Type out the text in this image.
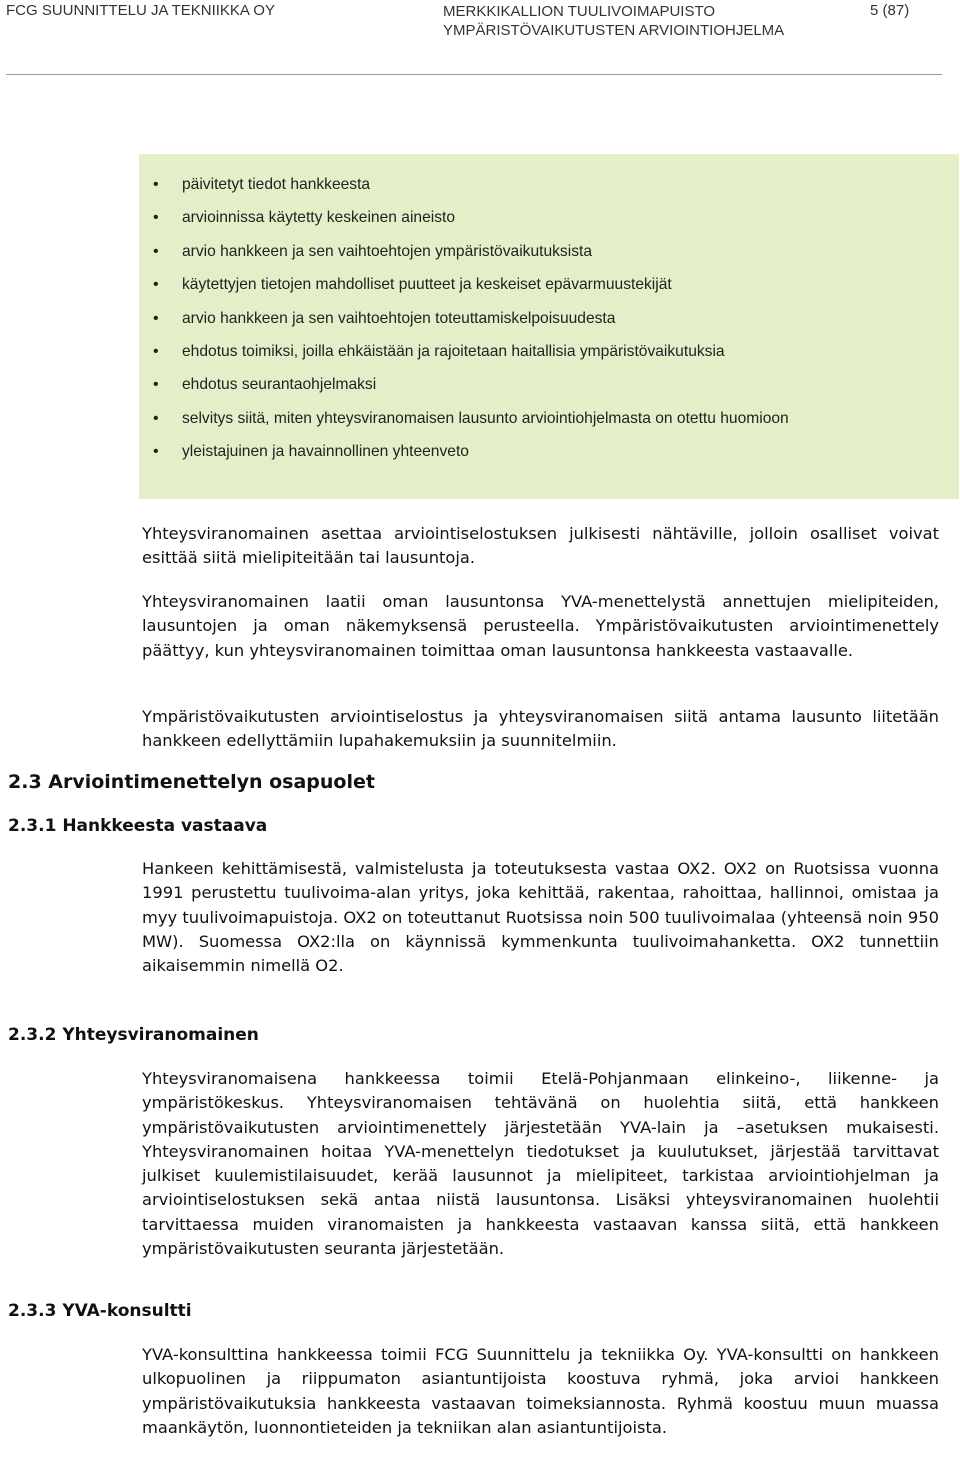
FCG SUUNNITTELU JA TEKNIIKKA OY	MERKKIKALLION TUULIVOIMAPUISTO
YMPÄRISTÖVAIKUTUSTEN ARVIOINTIOHJELMA
5 (87)
• päivitetyt tiedot hankkeesta
• arvioinnissa käytetty keskeinen aineisto
• arvio hankkeen ja sen vaihtoehtojen ympäristövaikutuksista
• käytettyjen tietojen mahdolliset puutteet ja keskeiset epävarmuustekijät
• arvio hankkeen ja sen vaihtoehtojen toteuttamiskelpoisuudesta
• ehdotus toimiksi, joilla ehkäistään ja rajoitetaan haitallisia ympäristövaikutuksia
• ehdotus seurantaohjelmaksi
• selvitys siitä, miten yhteysviranomaisen lausunto arviointiohjelmasta on otettu huomioon
• yleistajuinen ja havainnollinen yhteenveto

Yhteysviranomainen asettaa arviointiselostuksen julkisesti nähtäville, jolloin osalliset voivat esittää siitä mielipiteitään tai lausuntoja.

Yhteysviranomainen laatii oman lausuntonsa YVA-menettelystä annettujen mielipiteiden, lausuntojen ja oman näkemyksensä perusteella. Ympäristövaikutusten arviointimenettely päättyy, kun yhteysviranomainen toimittaa oman lausuntonsa hankkeesta vastaavalle.

Ympäristövaikutusten arviointiselostus ja yhteysviranomaisen siitä antama lausunto liitetään hankkeen edellyttämiin lupahakemuksiin ja suunnitelmiin.

2.3 Arviointimenettelyn osapuolet
2.3.1 Hankkeesta vastaava

Hankeen kehittämisestä, valmistelusta ja toteutuksesta vastaa OX2. OX2 on Ruotsissa vuonna 1991 perustettu tuulivoima-alan yritys, joka kehittää, rakentaa, rahoittaa, hallinnoi, omistaa ja myy tuulivoimapuistoja. OX2 on toteuttanut Ruotsissa noin 500 tuulivoimalaa (yhteensä noin 950 MW). Suomessa OX2:lla on käynnissä kymmenkunta tuulivoimahanketta. OX2 tunnettiin aikaisemmin nimellä O2.

2.3.2 Yhteysviranomainen

Yhteysviranomaisena hankkeessa toimii Etelä-Pohjanmaan elinkeino-, liikenne- ja ympäristökeskus. Yhteysviranomaisen tehtävänä on huolehtia siitä, että hankkeen ympäristövaikutusten arviointimenettely järjestetään YVA-lain ja –asetuksen mukaisesti. Yhteysviranomainen hoitaa YVA-menettelyn tiedotukset ja kuulutukset, järjestää tarvittavat julkiset kuulemistilaisuudet, kerää lausunnot ja mielipiteet, tarkistaa arviointiohjelman ja arviointiselostuksen sekä antaa niistä lausuntonsa. Lisäksi yhteysviranomainen huolehtii tarvittaessa muiden viranomaisten ja hankkeesta vastaavan kanssa siitä, että hankkeen ympäristövaikutusten seuranta järjestetään.

2.3.3 YVA-konsultti

YVA-konsulttina hankkeessa toimii FCG Suunnittelu ja tekniikka Oy. YVA-konsultti on hankkeen ulkopuolinen ja riippumaton asiantuntijoista koostuva ryhmä, joka arvioi hankkeen ympäristövaikutuksia hankkeesta vastaavan toimeksiannosta. Ryhmä koostuu muun muassa maankäytön, luonnontieteiden ja tekniikan alan asiantuntijoista.
